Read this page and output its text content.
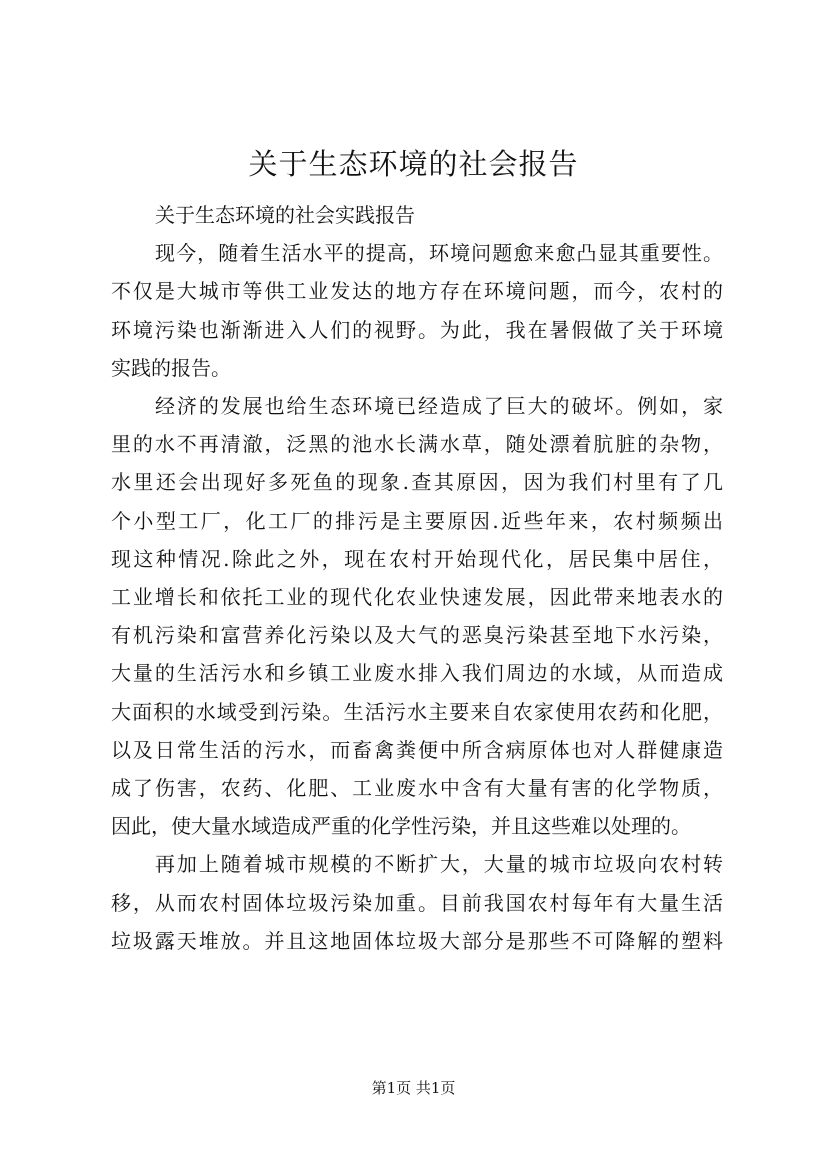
关于生态环境的社会报告
关于生态环境的社会实践报告
现今，随着生活水平的提高，环境问题愈来愈凸显其重要性。
不仅是大城市等供工业发达的地方存在环境问题，而今，农村的
环境污染也渐渐进入人们的视野。为此，我在暑假做了关于环境
实践的报告。
经济的发展也给生态环境已经造成了巨大的破坏。例如，家
里的水不再清澈，泛黑的池水长满水草，随处漂着肮脏的杂物，
水里还会出现好多死鱼的现象.查其原因，因为我们村里有了几
个小型工厂，化工厂的排污是主要原因.近些年来，农村频频出
现这种情况.除此之外，现在农村开始现代化，居民集中居住，
工业增长和依托工业的现代化农业快速发展，因此带来地表水的
有机污染和富营养化污染以及大气的恶臭污染甚至地下水污染，
大量的生活污水和乡镇工业废水排入我们周边的水域，从而造成
大面积的水域受到污染。生活污水主要来自农家使用农药和化肥，
以及日常生活的污水，而畜禽粪便中所含病原体也对人群健康造
成了伤害，农药、化肥、工业废水中含有大量有害的化学物质，
因此，使大量水域造成严重的化学性污染，并且这些难以处理的。
再加上随着城市规模的不断扩大，大量的城市垃圾向农村转
移，从而农村固体垃圾污染加重。目前我国农村每年有大量生活
垃圾露天堆放。并且这地固体垃圾大部分是那些不可降解的塑料
第1页 共1页
